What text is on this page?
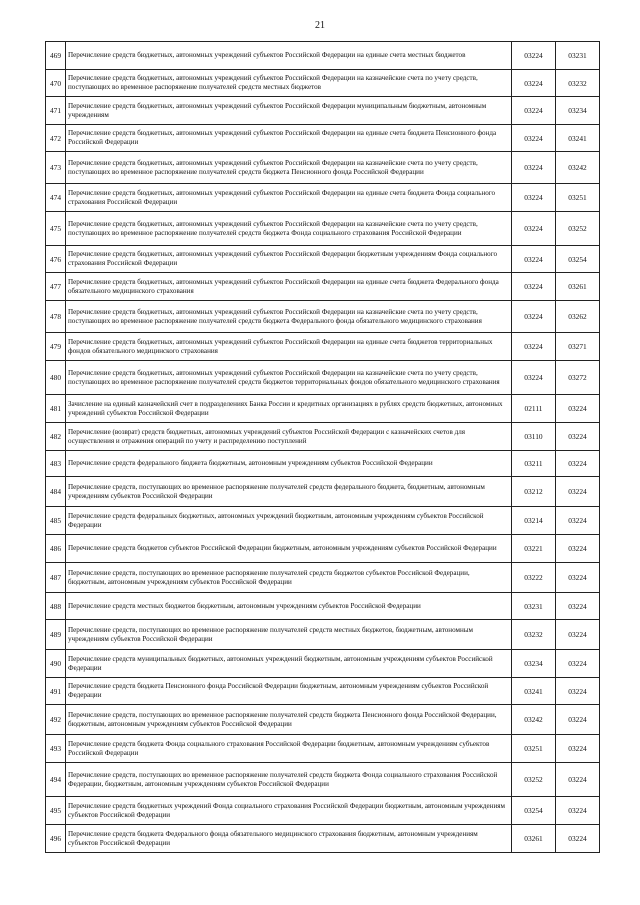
21
469	Перечисление средств бюджетных, автономных учреждений субъектов Российской Федерации на единые счета местных бюджетов	03224	03231
470	Перечисление средств бюджетных, автономных учреждений субъектов Российской Федерации на казначейские счета по учету средств, поступающих во временное распоряжение получателей средств местных бюджетов	03224	03232
471	Перечисление средств бюджетных, автономных учреждений субъектов Российской Федерации муниципальным бюджетным, автономным учреждениям	03224	03234
472	Перечисление средств бюджетных, автономных учреждений субъектов Российской Федерации на единые счета бюджета Пенсионного фонда Российской Федерации	03224	03241
473	Перечисление средств бюджетных, автономных учреждений субъектов Российской Федерации на казначейские счета по учету средств, поступающих во временное распоряжение получателей средств бюджета Пенсионного фонда Российской Федерации	03224	03242
474	Перечисление средств бюджетных, автономных учреждений субъектов Российской Федерации на единые счета бюджета Фонда социального страхования Российской Федерации	03224	03251
475	Перечисление средств бюджетных, автономных учреждений субъектов Российской Федерации на казначейские счета по учету средств, поступающих во временное распоряжение получателей средств бюджета Фонда социального страхования Российской Федерации	03224	03252
476	Перечисление средств бюджетных, автономных учреждений субъектов Российской Федерации бюджетным учреждениям Фонда социального страхования Российской Федерации	03224	03254
477	Перечисление средств бюджетных, автономных учреждений субъектов Российской Федерации на единые счета бюджета Федерального фонда обязательного медицинского страхования	03224	03261
478	Перечисление средств бюджетных, автономных учреждений субъектов Российской Федерации на казначейские счета по учету средств, поступающих во временное распоряжение получателей средств бюджета Федерального фонда обязательного медицинского страхования	03224	03262
479	Перечисление средств бюджетных, автономных учреждений субъектов Российской Федерации на единые счета бюджетов территориальных фондов обязательного медицинского страхования	03224	03271
480	Перечисление средств бюджетных, автономных учреждений субъектов Российской Федерации на казначейские счета по учету средств, поступающих во временное распоряжение получателей средств бюджетов территориальных фондов обязательного медицинского страхования	03224	03272
481	Зачисление на единый казначейский счет в подразделениях Банка России и кредитных организациях в рублях средств бюджетных, автономных учреждений субъектов Российской Федерации	02111	03224
482	Перечисление (возврат) средств бюджетных, автономных учреждений субъектов Российской Федерации с казначейских счетов для осуществления и отражения операций по учету и распределению поступлений	03110	03224
483	Перечисление средств федерального бюджета бюджетным, автономным учреждениям субъектов Российской Федерации	03211	03224
484	Перечисление средств, поступающих во временное распоряжение получателей средств федерального бюджета, бюджетным, автономным учреждениям субъектов Российской Федерации	03212	03224
485	Перечисление средств федеральных бюджетных, автономных учреждений бюджетным, автономным учреждениям субъектов Российской Федерации	03214	03224
486	Перечисление средств бюджетов субъектов Российской Федерации бюджетным, автономным учреждениям субъектов Российской Федерации	03221	03224
487	Перечисление средств, поступающих во временное распоряжение получателей средств бюджетов субъектов Российской Федерации, бюджетным, автономным учреждениям субъектов Российской Федерации	03222	03224
488	Перечисление средств местных бюджетов бюджетным, автономным учреждениям субъектов Российской Федерации	03231	03224
489	Перечисление средств, поступающих во временное распоряжение получателей средств местных бюджетов, бюджетным, автономным учреждениям субъектов Российской Федерации	03232	03224
490	Перечисление средств муниципальных бюджетных, автономных учреждений бюджетным, автономным учреждениям субъектов Российской Федерации	03234	03224
491	Перечисление средств бюджета Пенсионного фонда Российской Федерации бюджетным, автономным учреждениям субъектов Российской Федерации	03241	03224
492	Перечисление средств, поступающих во временное распоряжение получателей средств бюджета Пенсионного фонда Российской Федерации, бюджетным, автономным учреждениям субъектов Российской Федерации	03242	03224
493	Перечисление средств бюджета Фонда социального страхования Российской Федерации бюджетным, автономным учреждениям субъектов Российской Федерации	03251	03224
494	Перечисление средств, поступающих во временное распоряжение получателей средств бюджета Фонда социального страхования Российской Федерации, бюджетным, автономным учреждениям субъектов Российской Федерации	03252	03224
495	Перечисление средств бюджетных учреждений Фонда социального страхования Российской Федерации бюджетным, автономным учреждениям субъектов Российской Федерации	03254	03224
496	Перечисление средств бюджета Федерального фонда обязательного медицинского страхования бюджетным, автономным учреждениям субъектов Российской Федерации	03261	03224
